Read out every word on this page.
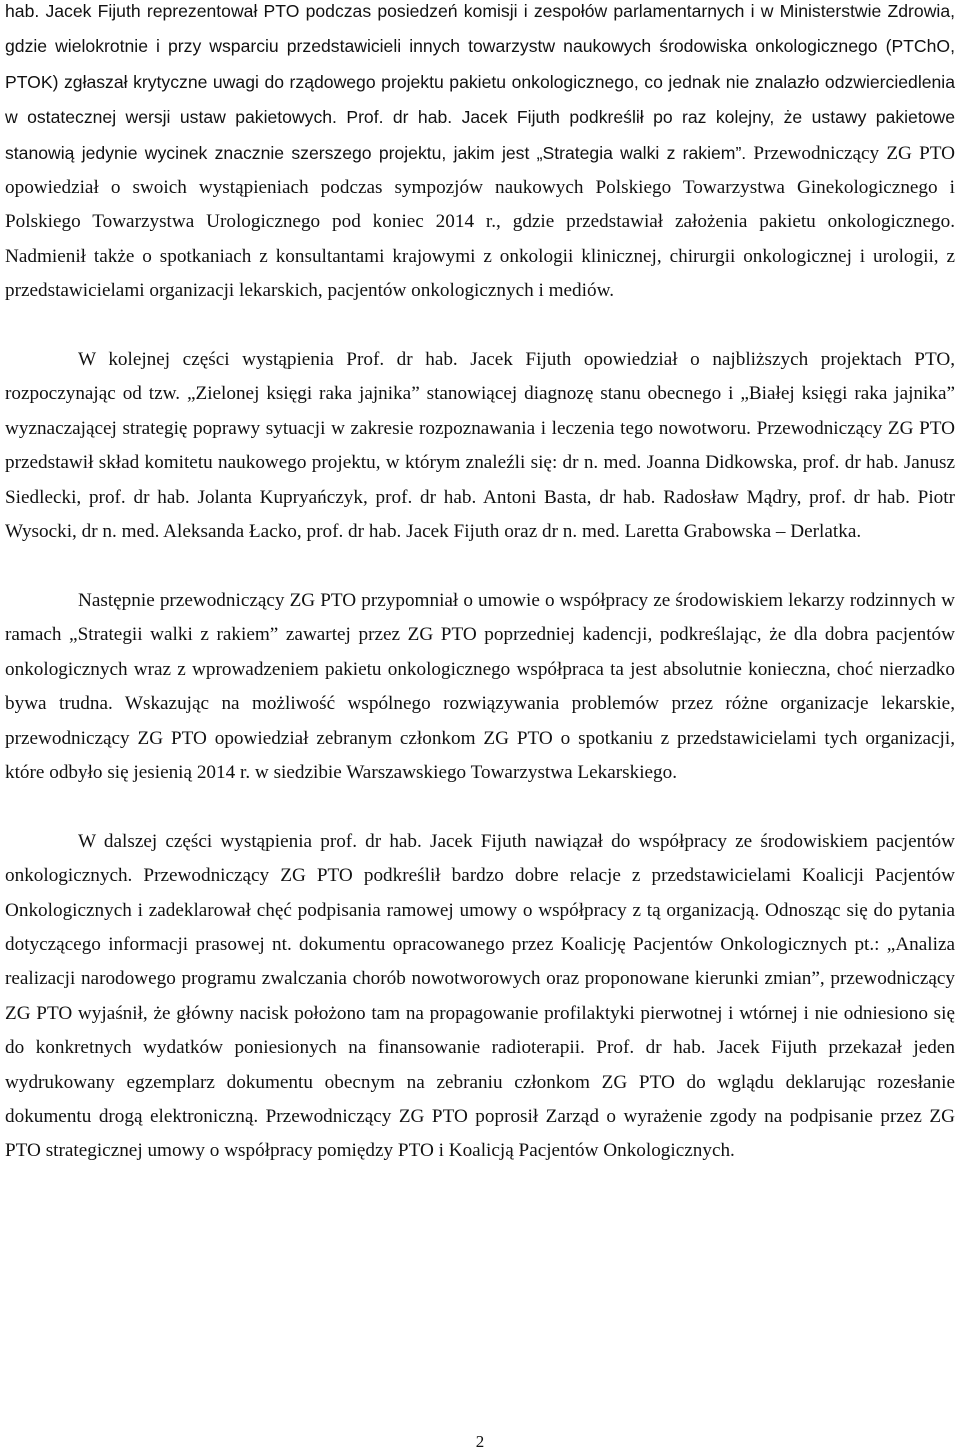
hab. Jacek Fijuth reprezentował PTO podczas posiedzeń komisji i zespołów parlamentarnych i w Ministerstwie Zdrowia, gdzie wielokrotnie i przy wsparciu przedstawicieli innych towarzystw naukowych środowiska onkologicznego (PTChO, PTOK) zgłaszał krytyczne uwagi do rządowego projektu pakietu onkologicznego, co jednak nie znalazło odzwierciedlenia w ostatecznej wersji ustaw pakietowych. Prof. dr hab. Jacek Fijuth podkreślił po raz kolejny, że ustawy pakietowe stanowią jedynie wycinek znacznie szerszego projektu, jakim jest „Strategia walki z rakiem”. Przewodniczący ZG PTO opowiedział o swoich wystąpieniach podczas sympozjów naukowych Polskiego Towarzystwa Ginekologicznego i Polskiego Towarzystwa Urologicznego pod koniec 2014 r., gdzie przedstawiał założenia pakietu onkologicznego. Nadmienił także o spotkaniach z konsultantami krajowymi z onkologii klinicznej, chirurgii onkologicznej i urologii, z przedstawicielami organizacji lekarskich, pacjentów onkologicznych i mediów.

W kolejnej części wystąpienia Prof. dr hab. Jacek Fijuth opowiedział o najbliższych projektach PTO, rozpoczynając od tzw. „Zielonej księgi raka jajnika” stanowiącej diagnozę stanu obecnego i „Białej księgi raka jajnika” wyznaczającej strategię poprawy sytuacji w zakresie rozpoznawania i leczenia tego nowotworu. Przewodniczący ZG PTO przedstawił skład komitetu naukowego projektu, w którym znaleźli się: dr n. med. Joanna Didkowska, prof. dr hab. Janusz Siedlecki, prof. dr hab. Jolanta Kupryańczyk, prof. dr hab. Antoni Basta, dr hab. Radosław Mądry, prof. dr hab. Piotr Wysocki, dr n. med. Aleksanda Łacko, prof. dr hab. Jacek Fijuth oraz dr n. med. Laretta Grabowska – Derlatka.

Następnie przewodniczący ZG PTO przypomniał o umowie o współpracy ze środowiskiem lekarzy rodzinnych w ramach „Strategii walki z rakiem” zawartej przez ZG PTO poprzedniej kadencji, podkreślając, że dla dobra pacjentów onkologicznych wraz z wprowadzeniem pakietu onkologicznego współpraca ta jest absolutnie konieczna, choć nierzadko bywa trudna. Wskazując na możliwość wspólnego rozwiązywania problemów przez różne organizacje lekarskie, przewodniczący ZG PTO opowiedział zebranym członkom ZG PTO o spotkaniu z przedstawicielami tych organizacji, które odbyło się jesienią 2014 r. w siedzibie Warszawskiego Towarzystwa Lekarskiego.

W dalszej części wystąpienia prof. dr hab. Jacek Fijuth nawiązał do współpracy ze środowiskiem pacjentów onkologicznych. Przewodniczący ZG PTO podkreślił bardzo dobre relacje z przedstawicielami Koalicji Pacjentów Onkologicznych i zadeklarował chęć podpisania ramowej umowy o współpracy z tą organizacją. Odnosząc się do pytania dotyczącego informacji prasowej nt. dokumentu opracowanego przez Koalicję Pacjentów Onkologicznych pt.: „Analiza realizacji narodowego programu zwalczania chorób nowotworowych oraz proponowane kierunki zmian”, przewodniczący ZG PTO wyjaśnił, że główny nacisk położono tam na propagowanie profilaktyki pierwotnej i wtórnej i nie odniesiono się do konkretnych wydatków poniesionych na finansowanie radioterapii. Prof. dr hab. Jacek Fijuth przekazał jeden wydrukowany egzemplarz dokumentu obecnym na zebraniu członkom ZG PTO do wglądu deklarując rozesłanie dokumentu drogą elektroniczną. Przewodniczący ZG PTO poprosił Zarząd o wyrażenie zgody na podpisanie przez ZG PTO strategicznej umowy o współpracy pomiędzy PTO i Koalicją Pacjentów Onkologicznych.

2
